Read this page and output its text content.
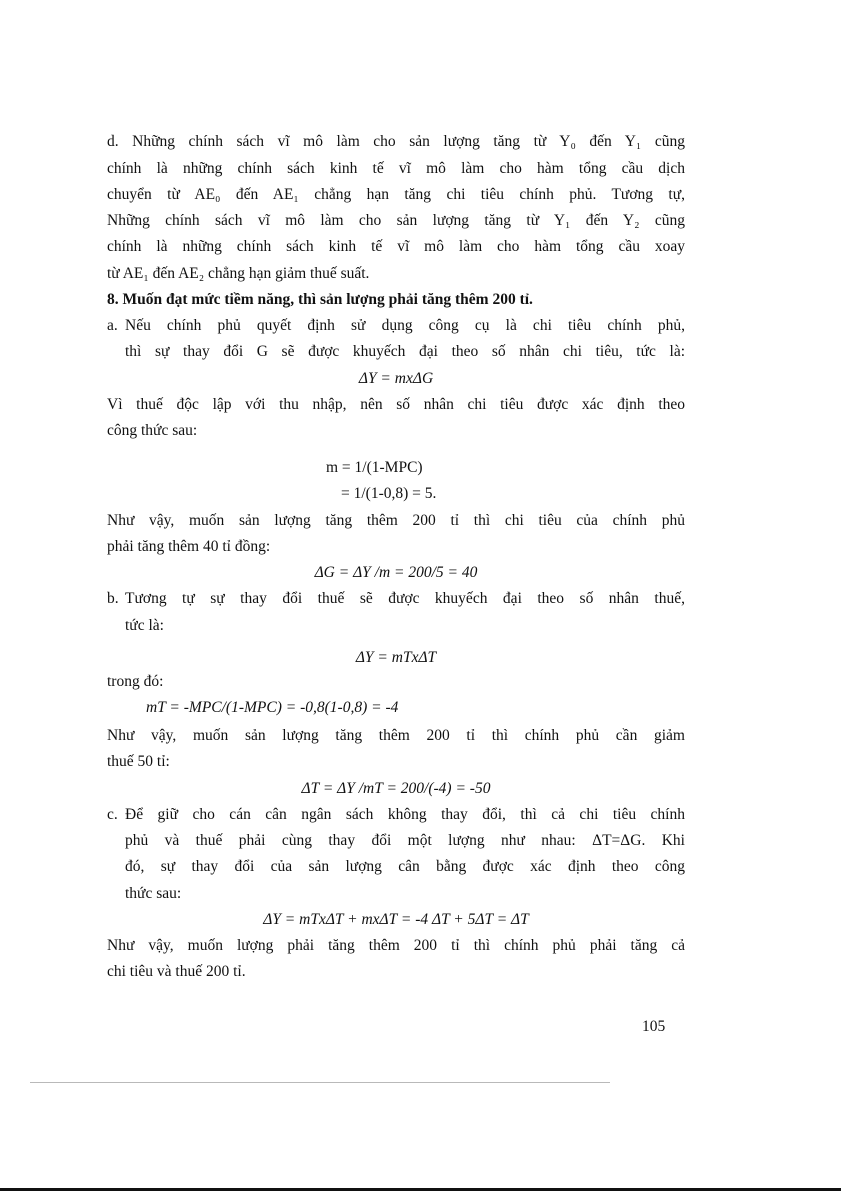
d. Những chính sách vĩ mô làm cho sản lượng tăng từ Y₀ đến Y₁ cũng
chính là những chính sách kinh tế vĩ mô làm cho hàm tổng cầu dịch
chuyển từ AE₀ đến AE₁ chẳng hạn tăng chi tiêu chính phủ. Tương tự,
Những chính sách vĩ mô làm cho sản lượng tăng từ Y₁ đến Y₂ cũng
chính là những chính sách kinh tế vĩ mô làm cho hàm tổng cầu xoay
từ AE₁ đến AE₂ chẳng hạn giảm thuế suất.
8. Muốn đạt mức tiềm năng, thì sản lượng phải tăng thêm 200 tỉ.
a. Nếu chính phủ quyết định sử dụng công cụ là chi tiêu chính phủ,
thì sự thay đổi G sẽ được khuyếch đại theo số nhân chi tiêu, tức là:
ΔY = mxΔG
Vì thuế độc lập với thu nhập, nên số nhân chi tiêu được xác định theo
công thức sau:
m = 1/(1-MPC)
= 1/(1-0,8) = 5.
Như vậy, muốn sản lượng tăng thêm 200 tỉ thì chi tiêu của chính phủ
phải tăng thêm 40 tỉ đồng:
ΔG = ΔY /m = 200/5 = 40
b. Tương tự sự thay đổi thuế sẽ được khuyếch đại theo số nhân thuế,
tức là:
ΔY = mTxΔT
trong đó:
mT = -MPC/(1-MPC) = -0,8(1-0,8) = -4
Như vậy, muốn sản lượng tăng thêm 200 tỉ thì chính phủ cần giảm
thuế 50 tỉ:
ΔT = ΔY /mT = 200/(-4) = -50
c. Để giữ cho cán cân ngân sách không thay đổi, thì cả chi tiêu chính
phủ và thuế phải cùng thay đổi một lượng như nhau: ΔT=ΔG. Khi
đó, sự thay đổi của sản lượng cân bằng được xác định theo công
thức sau:
ΔY = mTxΔT + mxΔT = -4 ΔT + 5ΔT = ΔT
Như vậy, muốn lượng phải tăng thêm 200 tỉ thì chính phủ phải tăng cả
chi tiêu và thuế 200 tỉ.
105
